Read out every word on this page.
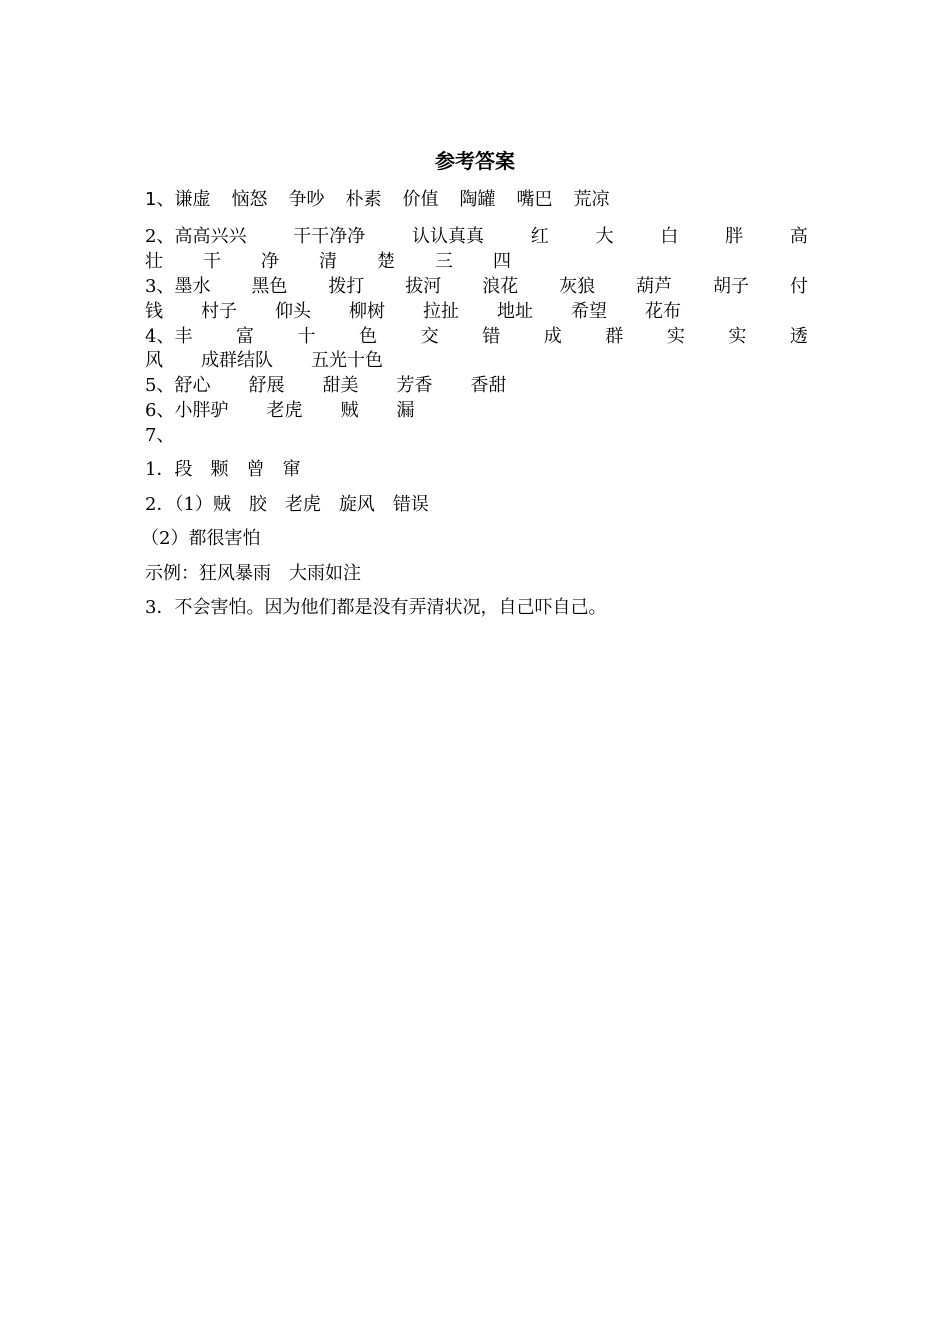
参考答案
1、谦虚 恼怒 争吵 朴素 价值 陶罐 嘴巴 荒凉
2、高高兴兴	干干净净	认认真真	红	大	白	胖	高
壮 干 净 清 楚 三 四
3、墨水 黑色 拨打 拔河 浪花 灰狼 葫芦 胡子 付
钱 村子 仰头 柳树 拉扯 地址 希望 花布
4、丰 富 十 色 交 错 成 群 实 实 透
风 成群结队 五光十色
5、舒心 舒展 甜美 芳香 香甜
6、小胖驴 老虎 贼 漏
7、
1．段　颗　曾　窜
2．（1）贼　胶　老虎　旋风　错误
（2）都很害怕
示例：狂风暴雨　大雨如注
3．不会害怕。因为他们都是没有弄清状况，自己吓自己。
